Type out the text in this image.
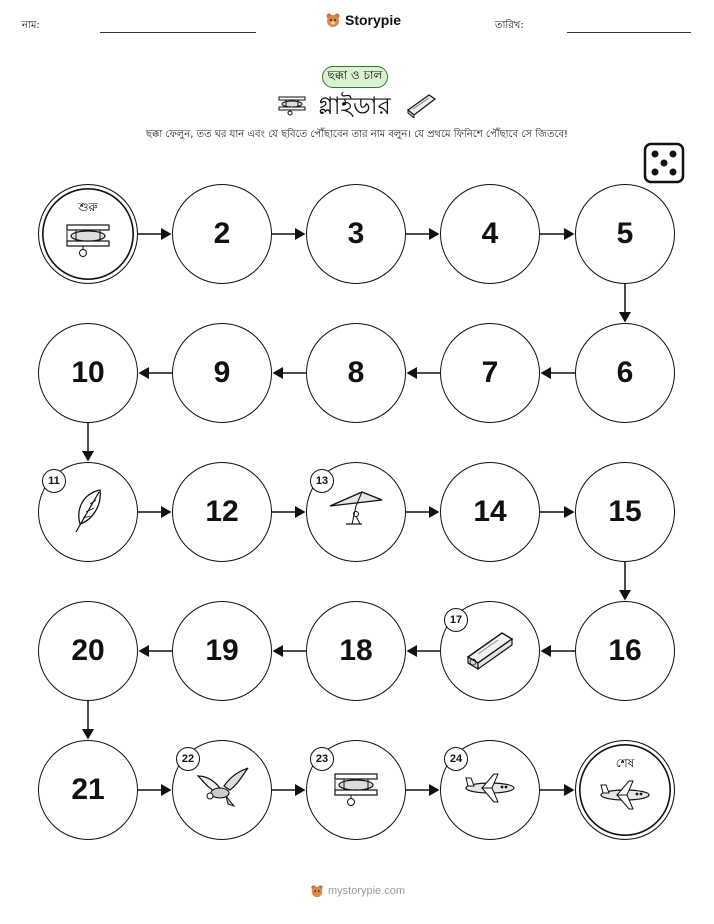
নাম:	Storypie	তারিখ:
ছক্কা ও চাল
গ্লাইডার
ছক্কা ফেলুন, তত ঘর যান এবং যে ছবিতে পৌঁছাবেন তার নাম বলুন। যে প্রথমে ফিনিশে পৌঁছাবে সে জিতবে!
শুরু
2	3	4	5
6
7
8
9
10
11
12
13
14	15
16
17
18
19
20
21
22	23	24	শেষ
mystorypie.com
